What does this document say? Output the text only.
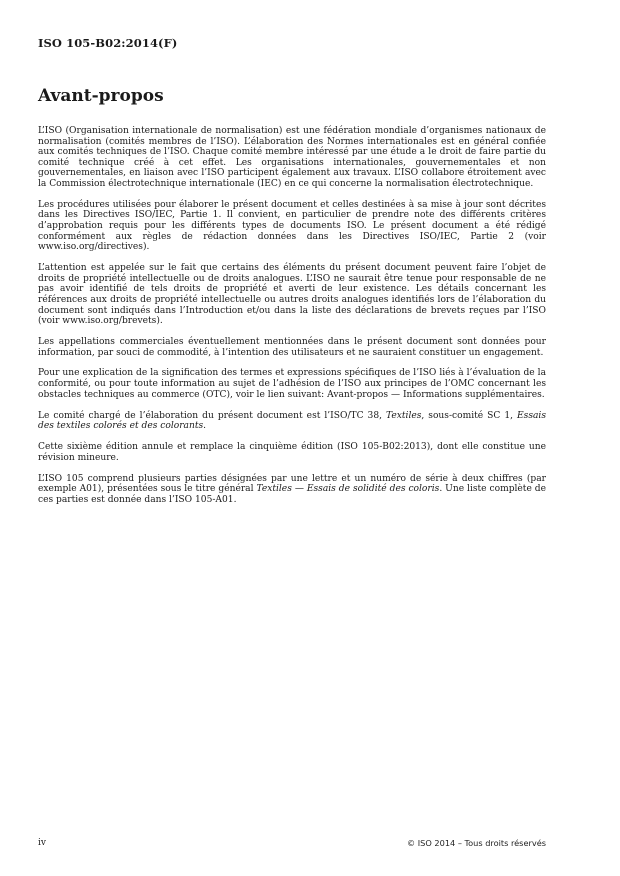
ISO 105-B02:2014(F)
Avant-propos

L’ISO (Organisation internationale de normalisation) est une fédération mondiale d’organismes nationaux de normalisation (comités membres de l’ISO). L’élaboration des Normes internationales est en général confiée aux comités techniques de l’ISO. Chaque comité membre intéressé par une étude a le droit de faire partie du comité technique créé à cet effet. Les organisations internationales, gouvernementales et non gouvernementales, en liaison avec l’ISO participent également aux travaux. L’ISO collabore étroitement avec la Commission électrotechnique internationale (IEC) en ce qui concerne la normalisation électrotechnique.

Les procédures utilisées pour élaborer le présent document et celles destinées à sa mise à jour sont décrites dans les Directives ISO/IEC, Partie 1. Il convient, en particulier de prendre note des différents critères d’approbation requis pour les différents types de documents ISO. Le présent document a été rédigé conformément aux règles de rédaction données dans les Directives ISO/IEC, Partie 2 (voir www.iso.org/directives).

L’attention est appelée sur le fait que certains des éléments du présent document peuvent faire l’objet de droits de propriété intellectuelle ou de droits analogues. L’ISO ne saurait être tenue pour responsable de ne pas avoir identifié de tels droits de propriété et averti de leur existence. Les détails concernant les références aux droits de propriété intellectuelle ou autres droits analogues identifiés lors de l’élaboration du document sont indiqués dans l’Introduction et/ou dans la liste des déclarations de brevets reçues par l’ISO (voir www.iso.org/brevets).

Les appellations commerciales éventuellement mentionnées dans le présent document sont données pour information, par souci de commodité, à l’intention des utilisateurs et ne sauraient constituer un engagement.

Pour une explication de la signification des termes et expressions spécifiques de l’ISO liés à l’évaluation de la conformité, ou pour toute information au sujet de l’adhésion de l’ISO aux principes de l’OMC concernant les obstacles techniques au commerce (OTC), voir le lien suivant: Avant-propos — Informations supplémentaires.

Le comité chargé de l’élaboration du présent document est l’ISO/TC 38, Textiles, sous-comité SC 1, Essais des textiles colorés et des colorants.

Cette sixième édition annule et remplace la cinquième édition (ISO 105-B02:2013), dont elle constitue une révision mineure.

L’ISO 105 comprend plusieurs parties désignées par une lettre et un numéro de série à deux chiffres (par exemple A01), présentées sous le titre général Textiles — Essais de solidité des coloris. Une liste complète de ces parties est donnée dans l’ISO 105-A01.

iv	© ISO 2014 – Tous droits réservés
